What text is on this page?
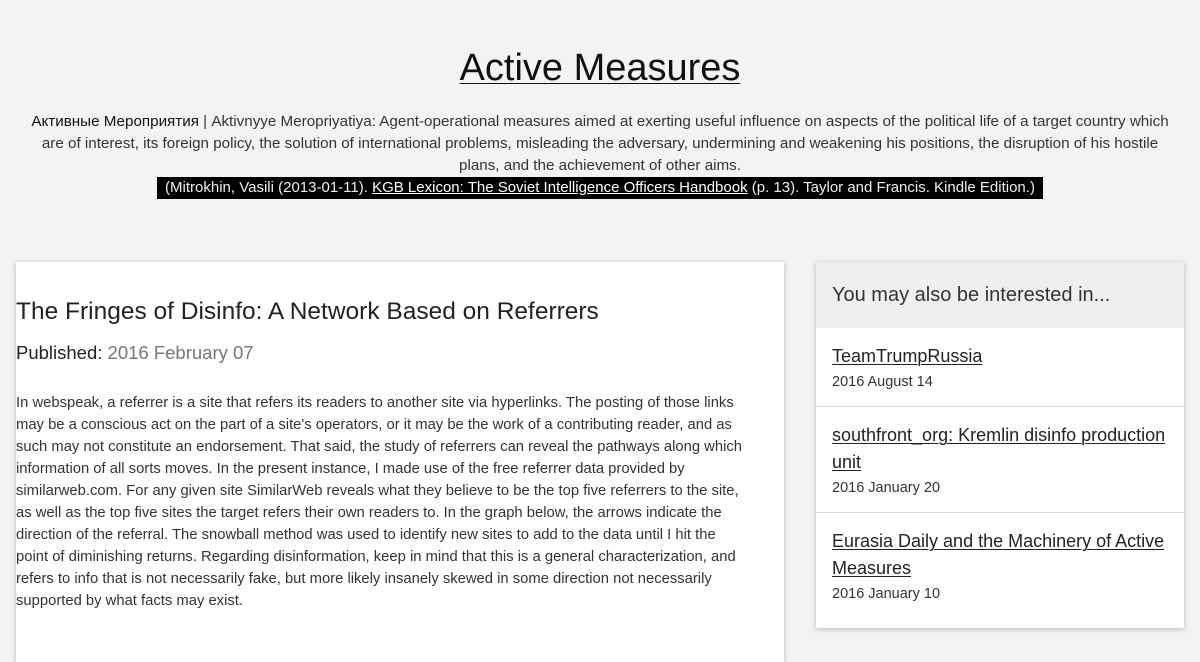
Active Measures

Активные Мероприятия | Aktivnyye Meropriyatiya: Agent-operational measures aimed at exerting useful influence on aspects of the political life of a target country which are of interest, its foreign policy, the solution of international problems, misleading the adversary, undermining and weakening his positions, the disruption of his hostile plans, and the achievement of other aims.

(Mitrokhin, Vasili (2013-01-11). KGB Lexicon: The Soviet Intelligence Officers Handbook (p. 13). Taylor and Francis. Kindle Edition.)
The Fringes of Disinfo: A Network Based on Referrers

Published: 2016 February 07

In webspeak, a referrer is a site that refers its readers to another site via hyperlinks. The posting of those links may be a conscious act on the part of a site's operators, or it may be the work of a contributing reader, and as such may not constitute an endorsement. That said, the study of referrers can reveal the pathways along which information of all sorts moves. In the present instance, I made use of the free referrer data provided by similarweb.com. For any given site SimilarWeb reveals what they believe to be the top five referrers to the site, as well as the top five sites the target refers their own readers to. In the graph below, the arrows indicate the direction of the referral. The snowball method was used to identify new sites to add to the data until I hit the point of diminishing returns. Regarding disinformation, keep in mind that this is a general characterization, and refers to info that is not necessarily fake, but more likely insanely skewed in some direction not necessarily supported by what facts may exist.

You may also be interested in...
TeamTrumpRussia
2016 August 14
southfront_org: Kremlin disinfo production unit
2016 January 20
Eurasia Daily and the Machinery of Active Measures
2016 January 10
